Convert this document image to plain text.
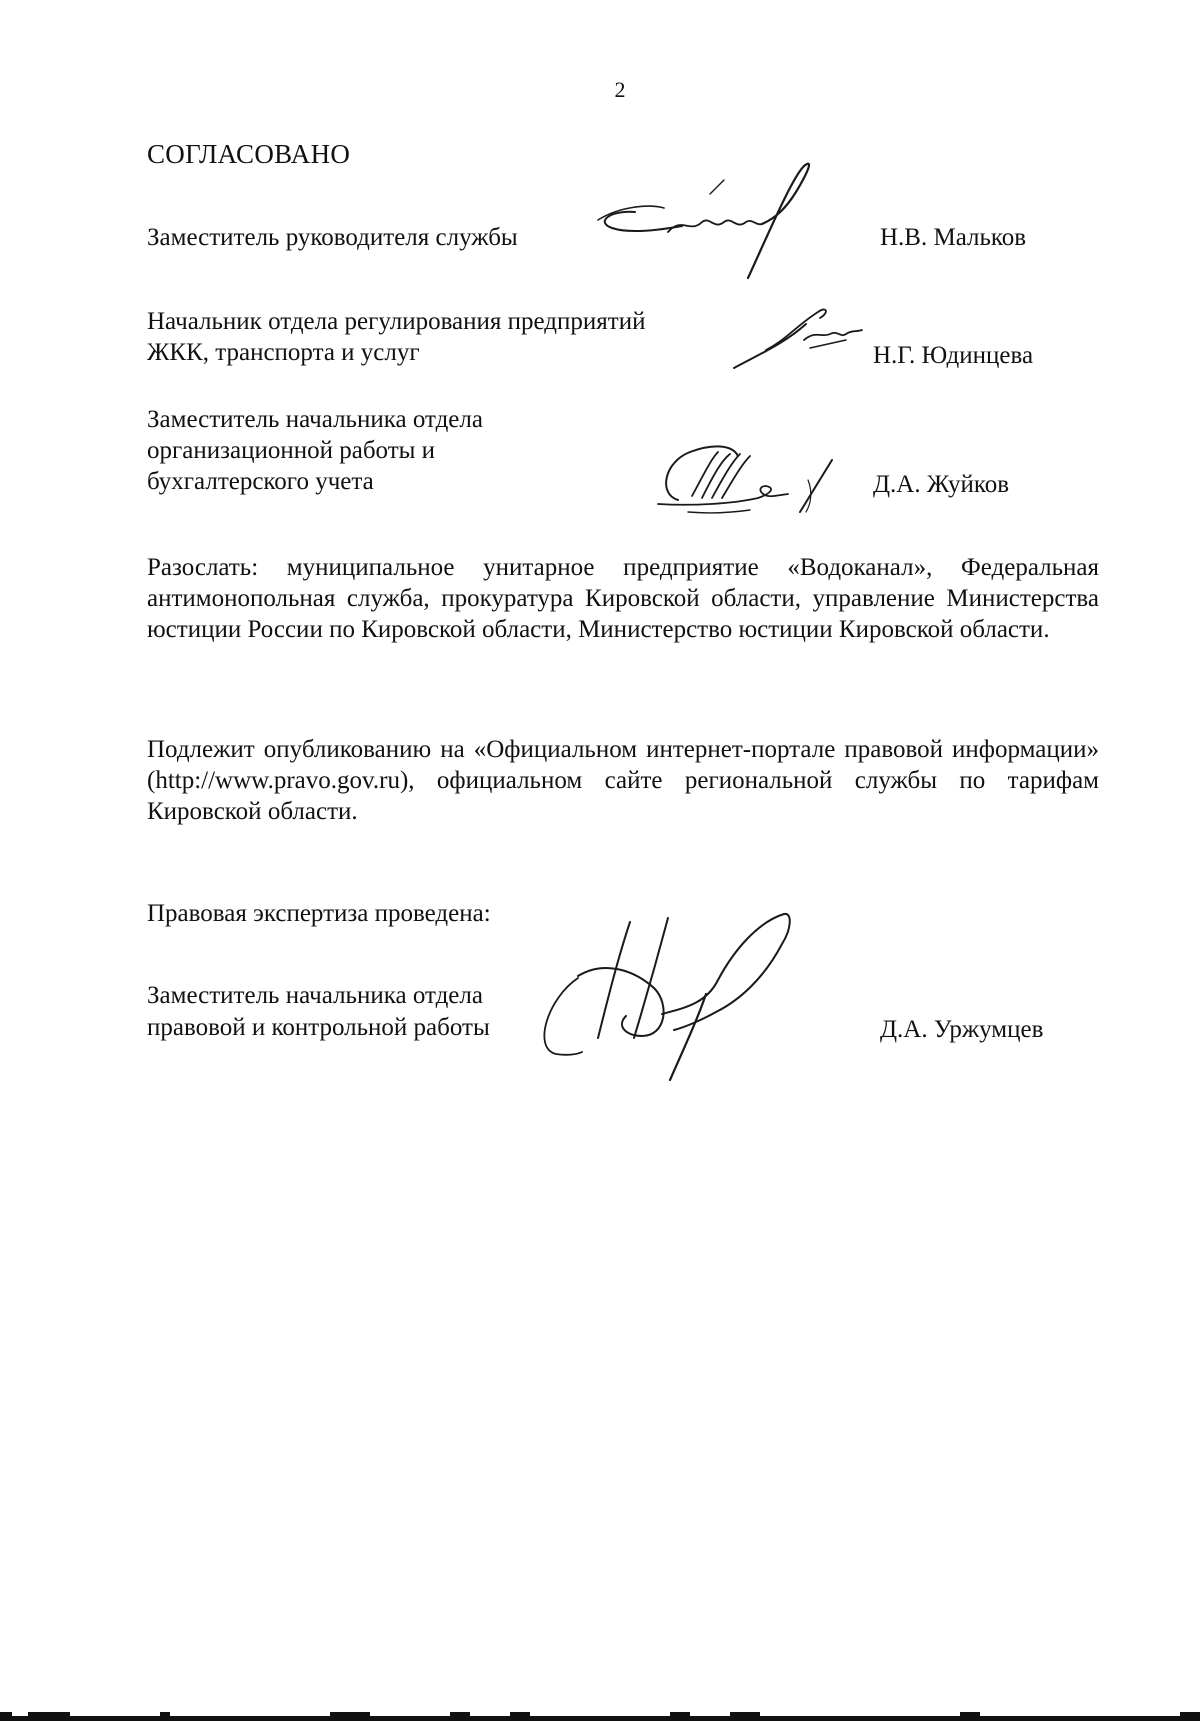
2
СОГЛАСОВАНО
Заместитель руководителя службы	Н.В. Мальков
Начальник отдела регулирования предприятий
ЖКК, транспорта и услуг	Н.Г. Юдинцева
Заместитель начальника отдела
организационной работы и
бухгалтерского учета	Д.А. Жуйков
Разослать: муниципальное унитарное предприятие «Водоканал», Федеральная антимонопольная служба, прокуратура Кировской области, управление Министерства юстиции России по Кировской области, Министерство юстиции Кировской области.
Подлежит опубликованию на «Официальном интернет-портале правовой информации» (http://www.pravo.gov.ru), официальном сайте региональной службы по тарифам Кировской области.
Правовая экспертиза проведена:
Заместитель начальника отдела
правовой и контрольной работы	Д.А. Уржумцев
